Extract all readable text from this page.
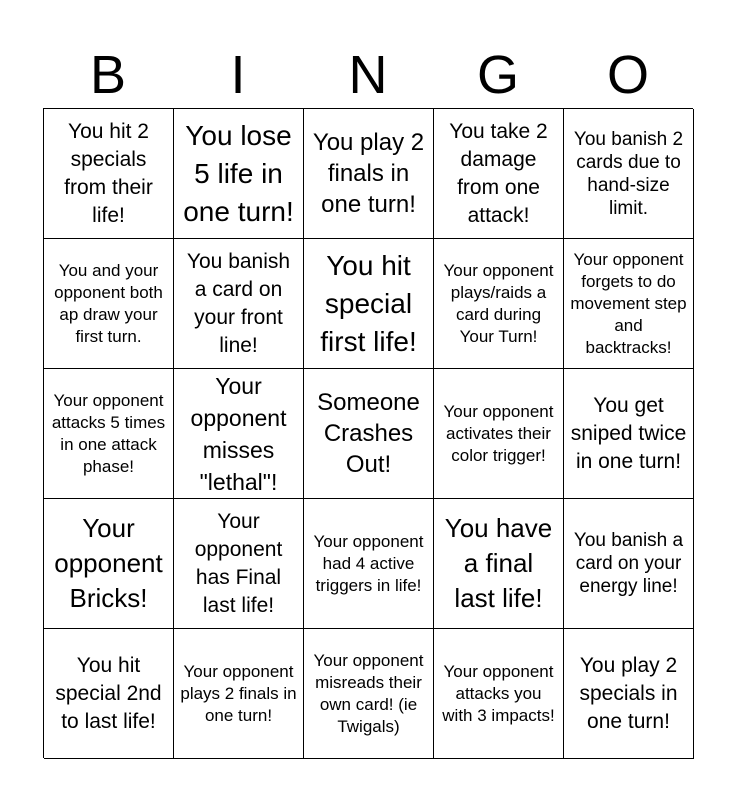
B	I	N	G	O
You hit 2 specials from their life!
You lose 5 life in one turn!
You play 2 finals in one turn!
You take 2 damage from one attack!
You banish 2 cards due to hand-size limit.
You and your opponent both ap draw your first turn.
You banish a card on your front line!
You hit special first life!
Your opponent plays/raids a card during Your Turn!
Your opponent forgets to do movement step and backtracks!
Your opponent attacks 5 times in one attack phase!
Your opponent misses "lethal"!
Someone Crashes Out!
Your opponent activates their color trigger!
You get sniped twice in one turn!
Your opponent Bricks!
Your opponent has Final last life!
Your opponent had 4 active triggers in life!
You have a final last life!
You banish a card on your energy line!
You hit special 2nd to last life!
Your opponent plays 2 finals in one turn!
Your opponent misreads their own card! (ie Twigals)
Your opponent attacks you with 3 impacts!
You play 2 specials in one turn!
